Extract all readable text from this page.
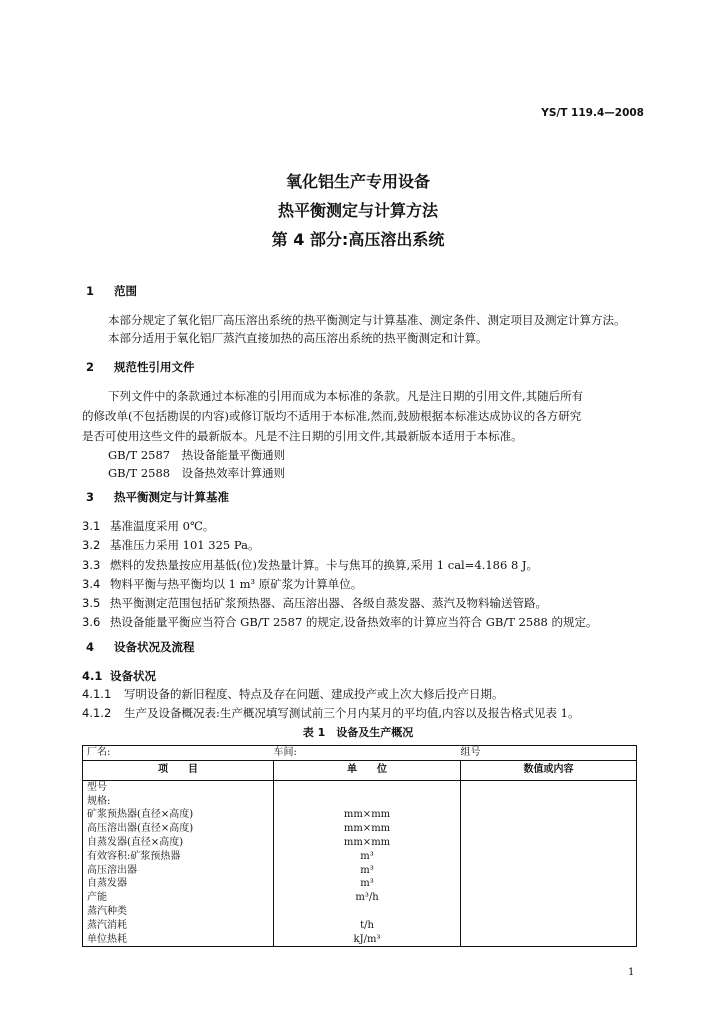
YS/T 119.4—2008
氧化铝生产专用设备
热平衡测定与计算方法
第 4 部分:高压溶出系统
1 范围
本部分规定了氧化铝厂高压溶出系统的热平衡测定与计算基准、测定条件、测定项目及测定计算方法。
本部分适用于氧化铝厂蒸汽直接加热的高压溶出系统的热平衡测定和计算。
2 规范性引用文件
下列文件中的条款通过本标准的引用而成为本标准的条款。凡是注日期的引用文件,其随后所有
的修改单(不包括勘误的内容)或修订版均不适用于本标准,然而,鼓励根据本标准达成协议的各方研究
是否可使用这些文件的最新版本。凡是不注日期的引用文件,其最新版本适用于本标准。
GB/T 2587　热设备能量平衡通则
GB/T 2588　设备热效率计算通则
3 热平衡测定与计算基准
3.1 基准温度采用 0℃。
3.2 基准压力采用 101 325 Pa。
3.3 燃料的发热量按应用基低(位)发热量计算。卡与焦耳的换算,采用 1 cal=4.186 8 J。
3.4 物料平衡与热平衡均以 1 m³ 原矿浆为计算单位。
3.5 热平衡测定范围包括矿浆预热器、高压溶出器、各级自蒸发器、蒸汽及物料输送管路。
3.6 热设备能量平衡应当符合 GB/T 2587 的规定,设备热效率的计算应当符合 GB/T 2588 的规定。
4 设备状况及流程
4.1 设备状况
4.1.1 写明设备的新旧程度、特点及存在问题、建成投产或上次大修后投产日期。
4.1.2 生产及设备概况表:生产概况填写测试前三个月内某月的平均值,内容以及报告格式见表 1。
表 1　设备及生产概况
厂名:	车间:	组号
项　　目	单　　位	数值或内容
型号		
规格:		
矿浆预热器(直径×高度)	mm×mm	
高压溶出器(直径×高度)	mm×mm	
自蒸发器(直径×高度)	mm×mm	
有效容积:矿浆预热器	m³	
高压溶出器	m³	
自蒸发器	m³	
产能	m³/h	
蒸汽种类		
蒸汽消耗	t/h	
单位热耗	kJ/m³	
1
